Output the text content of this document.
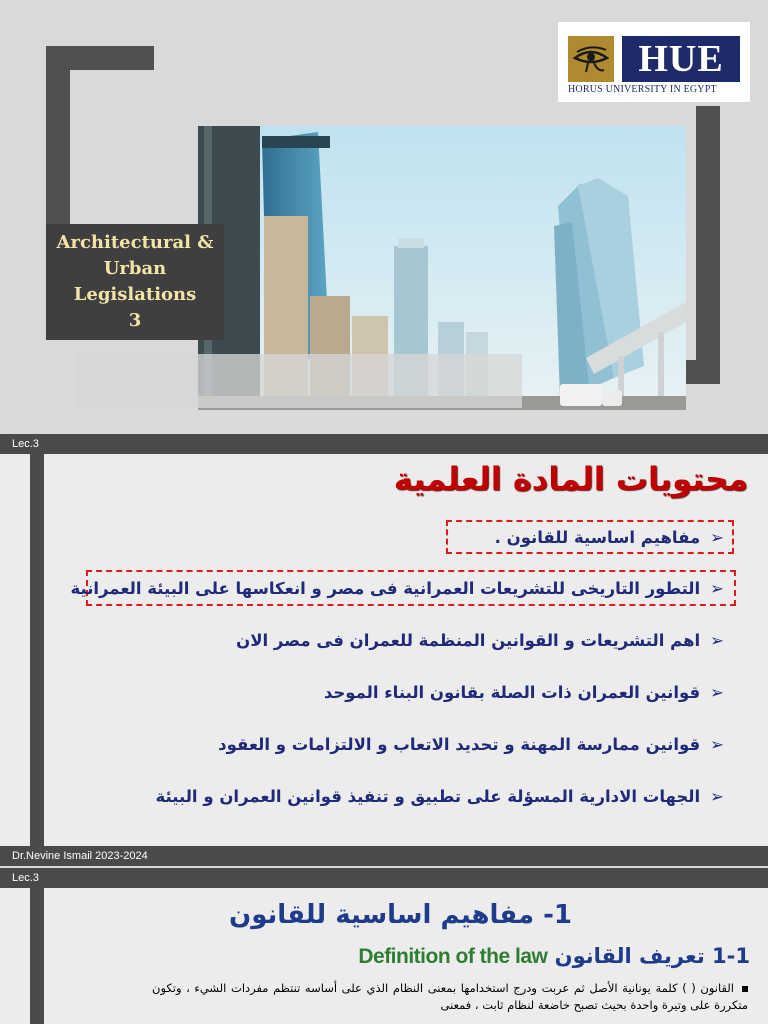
Architectural &
Urban
Legislations
3
HUE
HORUS UNIVERSITY IN EGYPT
Lec.3
محتويات المادة العلمية
➢مفاهيم اساسية للقانون .
➢التطور التاريخى للتشريعات العمرانية فى مصر و انعكاسها على البيئة العمرانية
➢اهم التشريعات و القوانين المنظمة للعمران فى مصر الان
➢قوانين العمران ذات الصلة بقانون البناء الموحد
➢قوانين ممارسة المهنة و تحديد الاتعاب و الالتزامات و العقود
➢الجهات الادارية المسؤلة على تطبيق و تنفيذ قوانين العمران و البيئة
Dr.Nevine Ismail 2023-2024
Lec.3
1- مفاهيم اساسية للقانون
1-1 تعريف القانون Definition of the law
القانون ( ) كلمة يونانية الأصل ثم عربت ودرج استخدامها بمعنى النظام الذي على أساسه تنتظم مفردات الشيء ، وتكون متكررة على وتيرة واحدة بحيث تصبح خاضعة لنظام ثابت ، فمعنى
